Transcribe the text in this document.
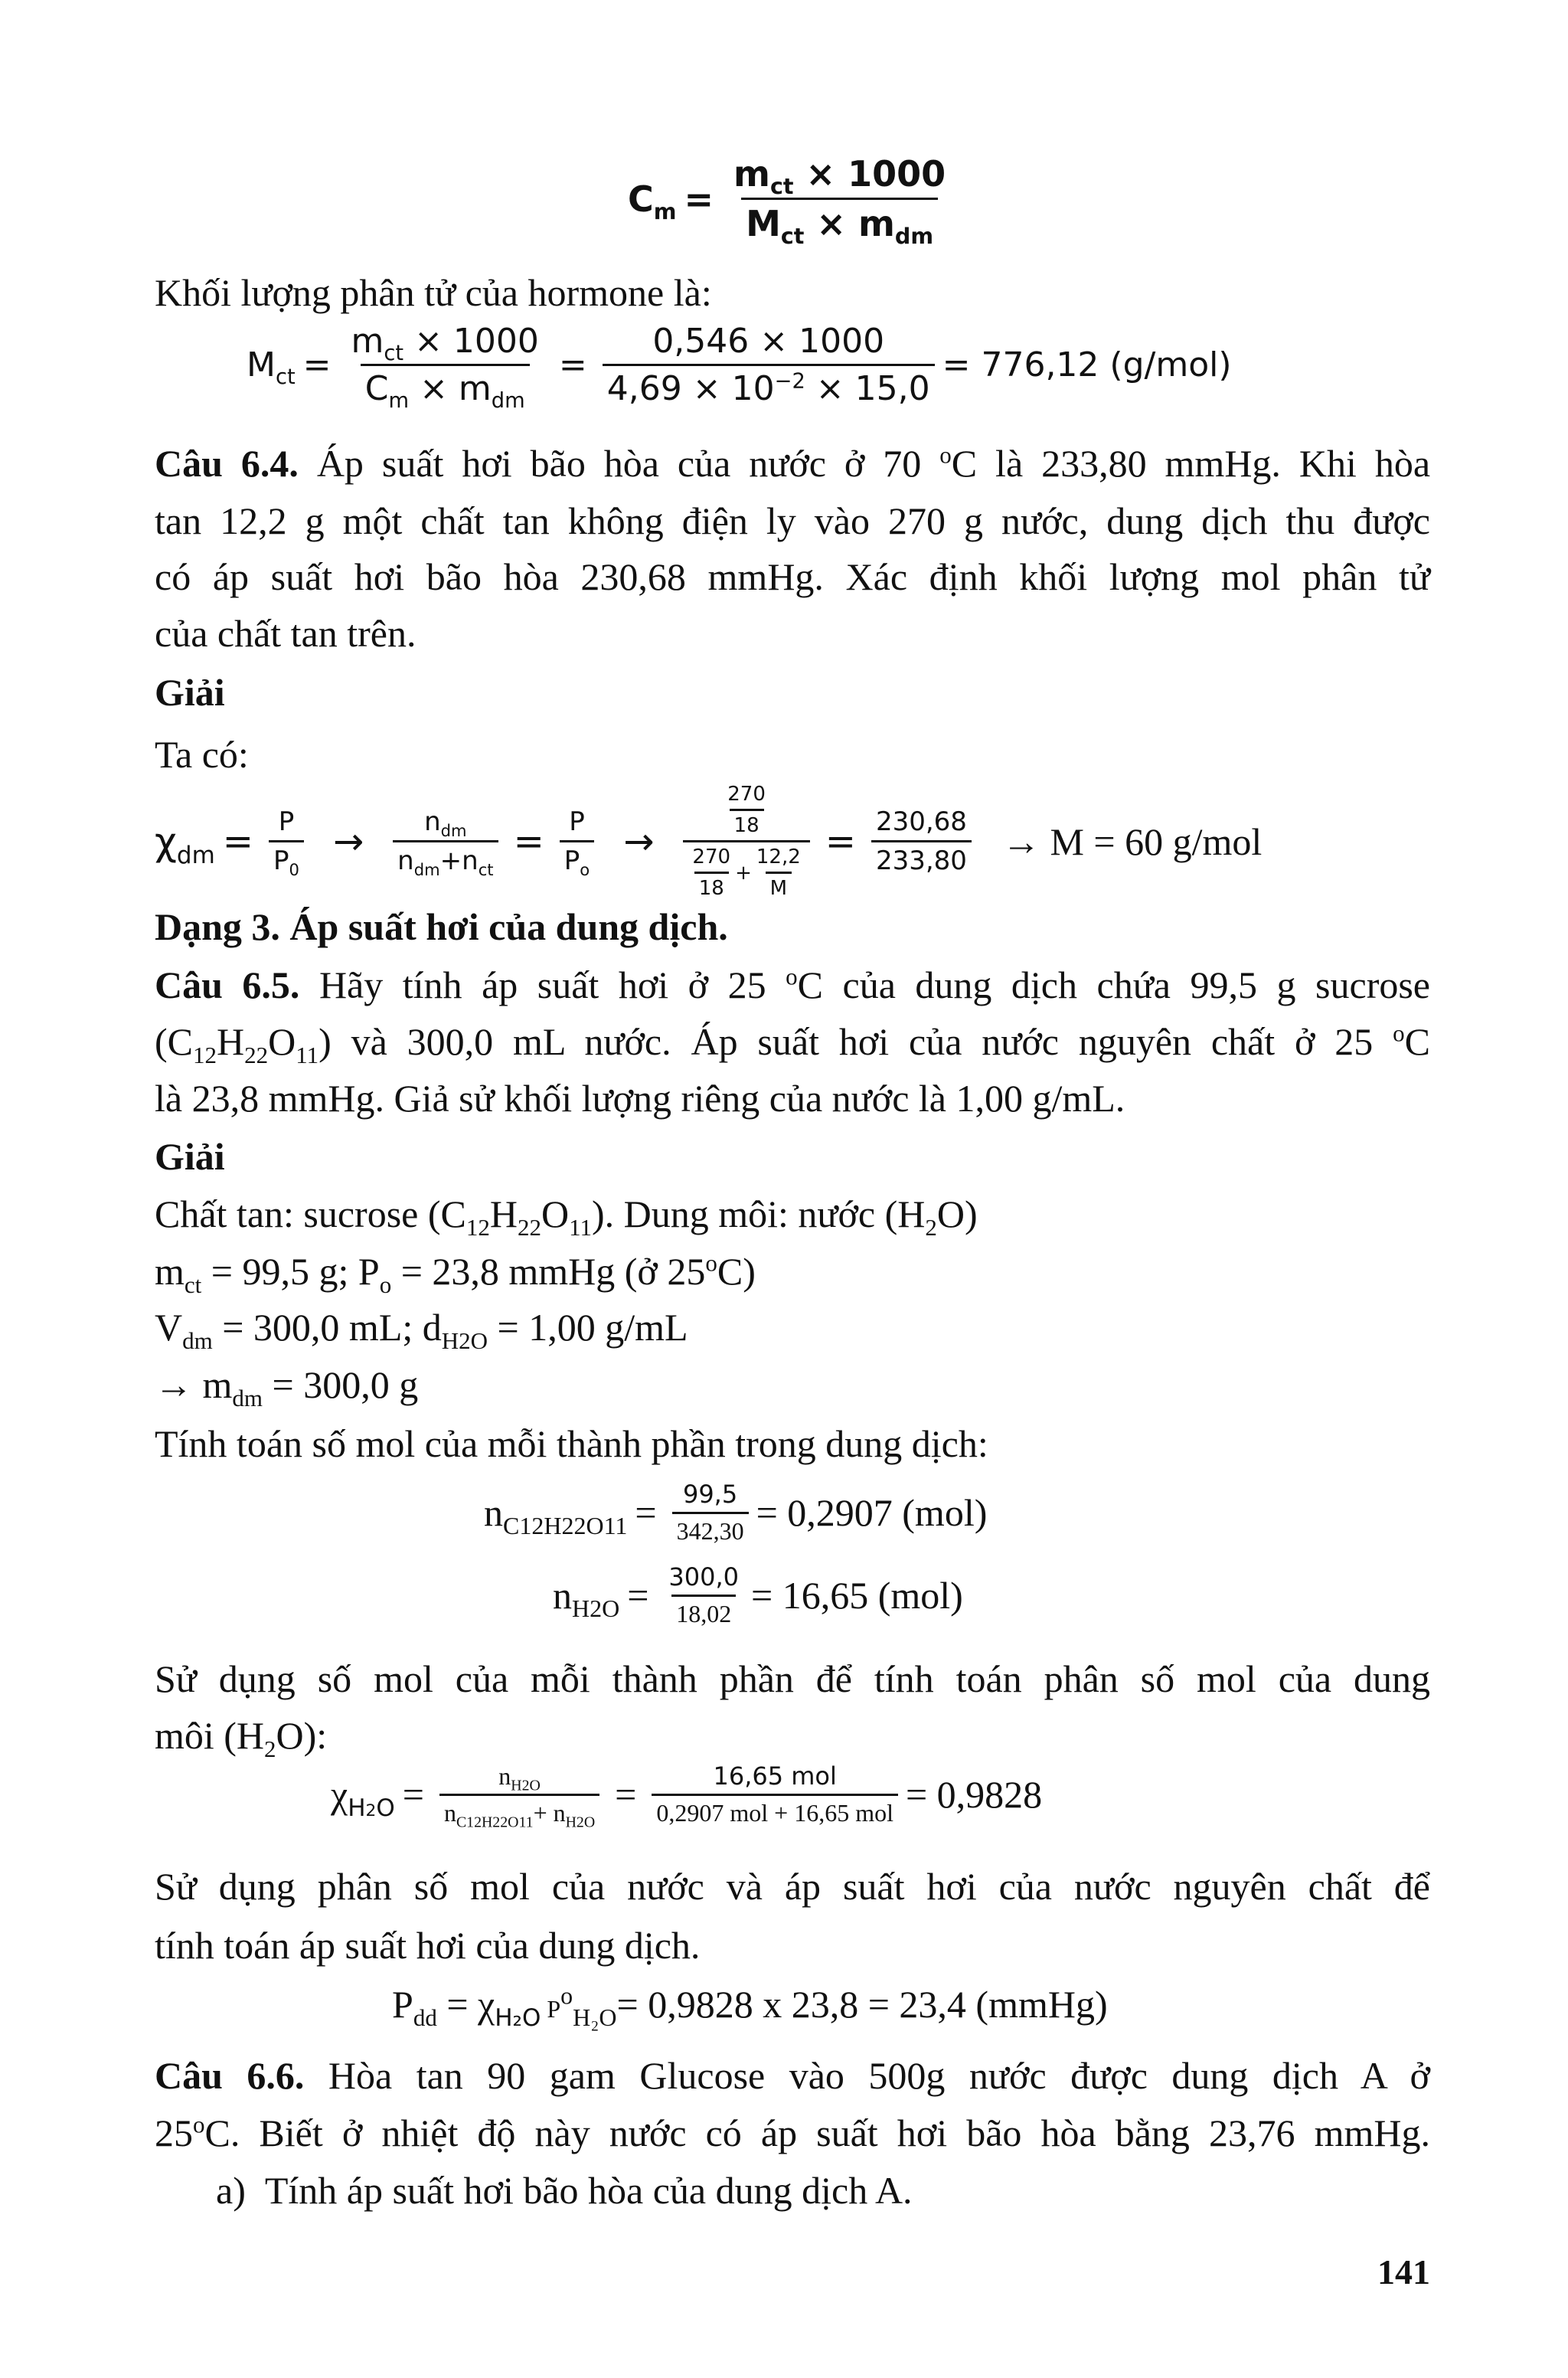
$C_m = \frac{m_{ct} \times 1000}{M_{ct} \times m_{dm}}$
Khối lượng phân tử của hormone là:
$M_{ct} = \frac{m_{ct} \times 1000}{C_m \times m_{dm}} = \frac{0,546 \times 1000}{4,69 \times 10^{-2} \times 15,0} = 776,12$ (g/mol)
Câu 6.4. Áp suất hơi bão hòa của nước ở 70 $^o$C là 233,80 mmHg. Khi hòa
tan 12,2 g một chất tan không điện ly vào 270 g nước, dung dịch thu được
có áp suất hơi bão hòa 230,68 mmHg. Xác định khối lượng mol phân tử
của chất tan trên.
Giải
Ta có:
$\chi_{dm} = \frac{P}{P_0} \to \frac{n_{dm}}{n_{dm}+n_{ct}} = \frac{P}{P_o} \to \frac{\frac{270}{18}}{\frac{270}{18} + \frac{12,2}{M}} = \frac{230,68}{233,80} \to M = 60$ g/mol
Dạng 3. Áp suất hơi của dung dịch.
Câu 6.5. Hãy tính áp suất hơi ở 25 $^o$C của dung dịch chứa 99,5 g sucrose
$(C_{12}H_{22}O_{11})$ và 300,0 mL nước. Áp suất hơi của nước nguyên chất ở 25 $^o$C
là 23,8 mmHg. Giả sử khối lượng riêng của nước là 1,00 g/mL.
Giải
Chất tan: sucrose $(C_{12}H_{22}O_{11})$. Dung môi: nước $(H_2O)$
$m_{ct} = 99,5$ g; $P_o = 23,8$ mmHg (ở 25$^o$C)
$V_{dm} = 300,0$ mL; $d_{H2O} = 1,00$ g/mL
→ $m_{dm} = 300,0$ g
Tính toán số mol của mỗi thành phần trong dung dịch:
$n_{C12H22O11} = \frac{99,5}{342,30} = 0,2907$ (mol)
$n_{H2O} = \frac{300,0}{18,02} = 16,65$ (mol)
Sử dụng số mol của mỗi thành phần để tính toán phân số mol của dung
môi $(H_2O)$:
$\chi_{H2O} = \frac{n_{H2O}}{n_{C12H22O11}+ n_{H2O}} = \frac{\text{16,65 mol}}{\text{0,2907 mol + 16,65 mol}} = 0,9828$
Sử dụng phân số mol của nước và áp suất hơi của nước nguyên chất để
tính toán áp suất hơi của dung dịch.
$P_{dd} = \chi_{H_2O}$ $P^o_{H_2O}= 0,9828$ x 23,8 = 23,4 (mmHg)
Câu 6.6. Hòa tan 90 gam Glucose vào 500g nước được dung dịch A ở
25$^o$C. Biết ở nhiệt độ này nước có áp suất hơi bão hòa bằng 23,76 mmHg.
a) Tính áp suất hơi bão hòa của dung dịch A.
141
